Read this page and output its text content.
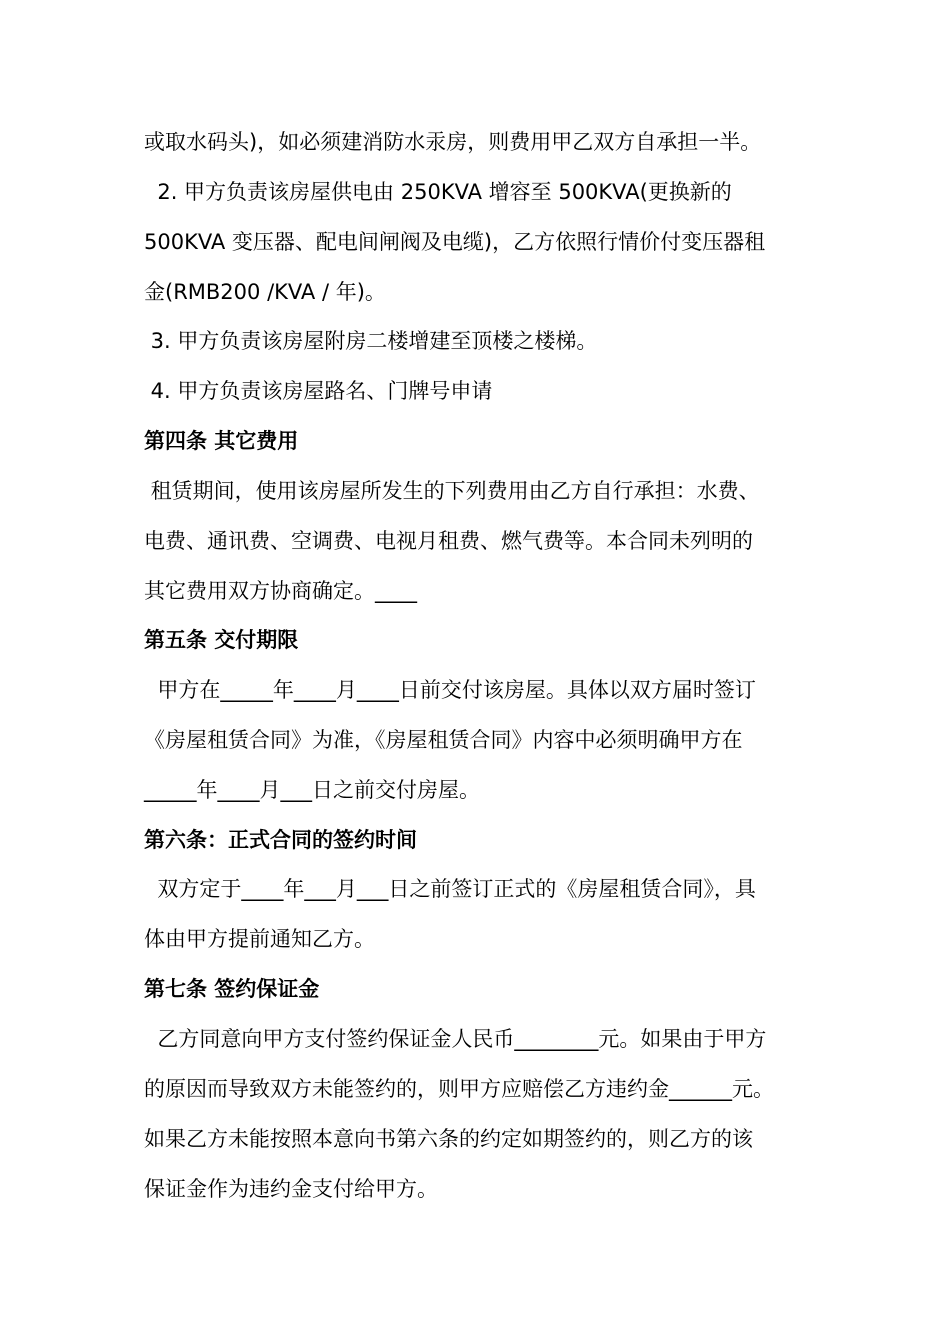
或取水码头)，如必须建消防水汞房，则费用甲乙双方自承担一半。
2. 甲方负责该房屋供电由 250KVA 增容至 500KVA(更换新的
500KVA 变压器、配电间闸阀及电缆)，乙方依照行情价付变压器租
金(RMB200 /KVA / 年)。
3. 甲方负责该房屋附房二楼增建至顶楼之楼梯。
4. 甲方负责该房屋路名、门牌号申请
第四条 其它费用
租赁期间，使用该房屋所发生的下列费用由乙方自行承担：水费、
电费、通讯费、空调费、电视月租费、燃气费等。本合同未列明的
其它费用双方协商确定。____
第五条 交付期限
甲方在_____年____月____日前交付该房屋。具体以双方届时签订
《房屋租赁合同》为准，《房屋租赁合同》内容中必须明确甲方在
_____年____月___日之前交付房屋。
第六条：正式合同的签约时间
双方定于____年___月___日之前签订正式的《房屋租赁合同》，具
体由甲方提前通知乙方。
第七条 签约保证金
乙方同意向甲方支付签约保证金人民币________元。如果由于甲方
的原因而导致双方未能签约的，则甲方应赔偿乙方违约金______元。
如果乙方未能按照本意向书第六条的约定如期签约的，则乙方的该
保证金作为违约金支付给甲方。
